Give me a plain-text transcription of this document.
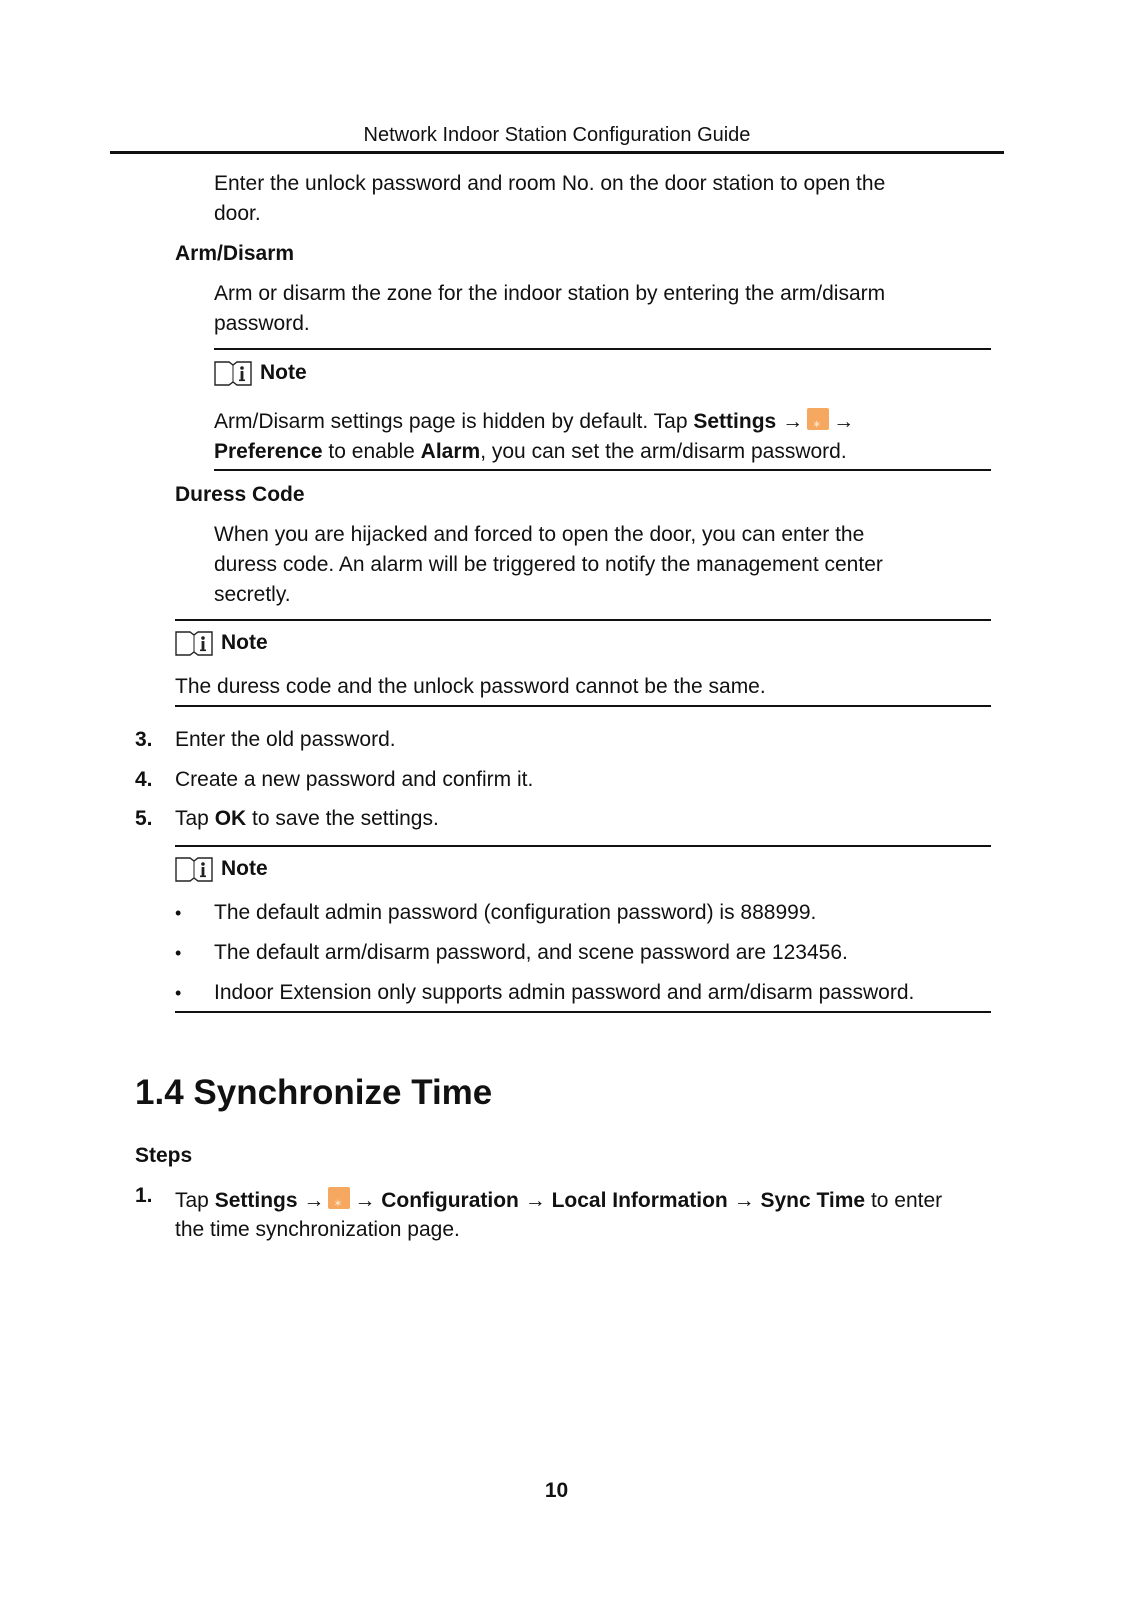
Network Indoor Station Configuration Guide
Enter the unlock password and room No. on the door station to open the
door.
Arm/Disarm
Arm or disarm the zone for the indoor station by entering the arm/disarm
password.
Note
Arm/Disarm settings page is hidden by default. Tap Settings → ✶ →
Preference to enable Alarm, you can set the arm/disarm password.
Duress Code
When you are hijacked and forced to open the door, you can enter the
duress code. An alarm will be triggered to notify the management center
secretly.
Note
The duress code and the unlock password cannot be the same.
3. Enter the old password.
4. Create a new password and confirm it.
5. Tap OK to save the settings.
Note
• The default admin password (configuration password) is 888999.
• The default arm/disarm password, and scene password are 123456.
• Indoor Extension only supports admin password and arm/disarm password.
1.4 Synchronize Time
Steps
1. Tap Settings → ✶ → Configuration → Local Information → Sync Time to enter
the time synchronization page.
10
